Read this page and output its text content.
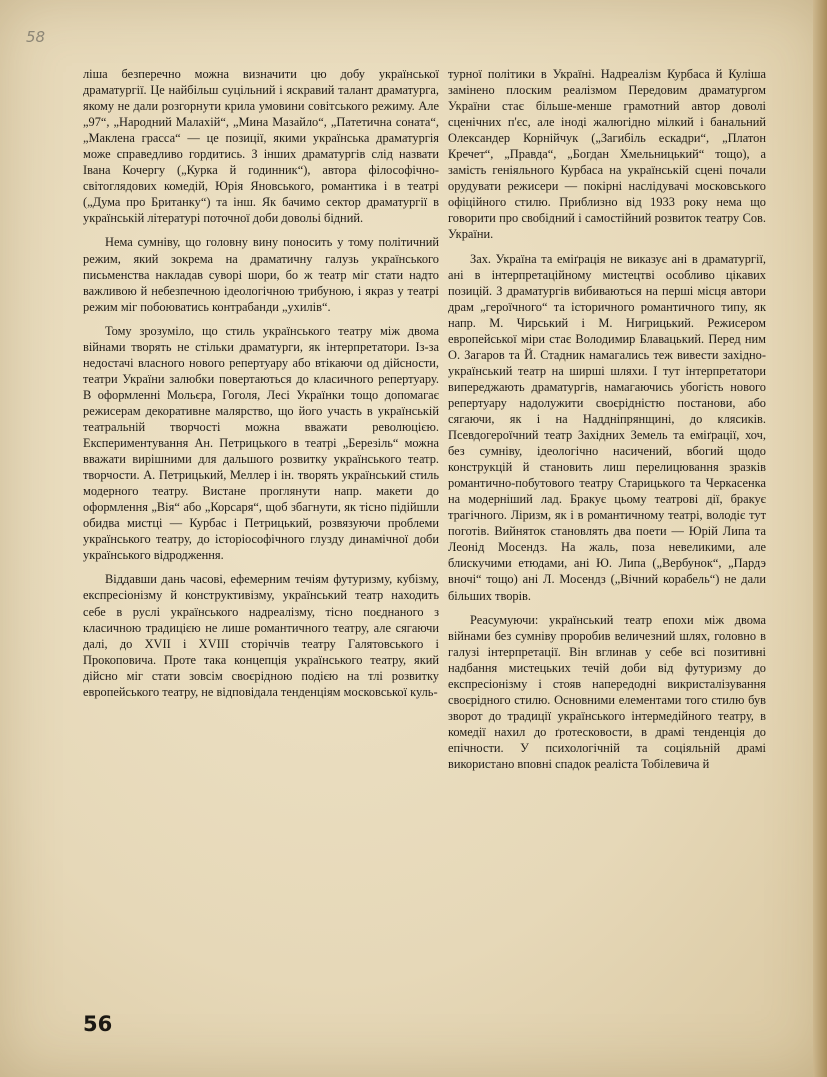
58

ліша безперечно можна визначити цю добу української драматургії. Це найбільш суцільний і яскравий талант драматурга, якому не дали розгорнути крила умовини совітського режиму. Але „97“, „Народний Малахій“, „Мина Мазайло“, „Патетична соната“, „Маклена грасса“ — це позиції, якими українська драматургія може справедливо гордитись. З інших драматургів слід назвати Івана Кочергу („Курка й годинник“), автора філософічно-світоглядових комедій, Юрія Яновського, романтика і в театрі („Дума про Британку“) та інш. Як бачимо сектор драматургії в українській літературі поточної доби довольі бідний.

Нема сумніву, що головну вину поносить у тому політичний режим, який зокрема на драматичну галузь українського письменства накладав суворі шори, бо ж театр міг стати надто важливою й небезпечною ідеологічною трибуною, і якраз у театрі режим міг побоюватись контрабанди „ухилів“.

Тому зрозуміло, що стиль українського театру між двома війнами творять не стільки драматурги, як інтерпретатори. Із-за недостачі власного нового репертуару або втікаючи од дійсности, театри України залюбки повертаються до класичного репертуару. В оформленні Мольєра, Гоголя, Лесі Українки тощо допомагає режисерам декоративне малярство, що його участь в українській театральній творчості можна вважати революцією. Експериментування Ан. Петрицького в театрі „Березіль“ можна вважати вирішними для дальшого розвитку українського театр. творчости. А. Петрицький, Меллер і ін. творять український стиль модерного театру. Вистане проглянути напр. макети до оформлення „Вія“ або „Корсаря“, щоб збагнути, як тісно підійшли обидва мистці — Курбас і Петрицький, розвязуючи проблеми українського театру, до історіософічного глузду динамічної доби українського відродження.

Віддавши дань часові, ефемерним течіям футуризму, кубізму, експресіонізму й конструктивізму, український театр находить себе в руслі українського надреалізму, тісно поєднаного з класичною традицією не лише романтичного театру, але сягаючи далі, до XVII і XVIII сторіччів театру Галятовського і Прокоповича. Проте така концепція українського театру, який дійсно міг стати зовсім своєрідною подією на тлі розвитку европейського театру, не відповідала тенденціям московської куль-

турної політики в Україні. Надреалізм Курбаса й Куліша замінено плоским реалізмом Передовим драматургом України стає більше-менше грамотний автор доволі сценічних п'єс, але іноді жалюгідно мілкий і банальний Олександер Корнійчук („Загибіль ескадри“, „Платон Кречет“, „Правда“, „Богдан Хмельницький“ тощо), а замість геніяльного Курбаса на українській сцені почали орудувати режисери — покірні наслідувачі московського офіційного стилю. Приблизно від 1933 року нема що говорити про свобідний і самостійний розвиток театру Сов. України.

Зах. Україна та еміґрація не виказує ані в драматургії, ані в інтерпретаційному мистецтві особливо цікавих позицій. З драматургів вибиваються на перші місця автори драм „героїчного“ та історичного романтичного типу, як напр. М. Чирський і М. Нигрицький. Режисером европейської міри стає Володимир Блавацький. Перед ним О. Загаров та Й. Стадник намагались теж вивести західно-український театр на ширші шляхи. І тут інтерпретатори випереджають драматургів, намагаючись убогість нового репертуару надолужити своєрідністю постанови, або сягаючи, як і на Наддніпрянщині, до клясиків. Псевдогероїчний театр Західних Земель та еміґрації, хоч, без сумніву, ідеологічно насичений, вбогий щодо конструкцій й становить лиш перелицювання зразків романтично-побутового театру Старицького та Черкасенка на модерніший лад. Бракує цьому театрові дії, бракує трагічного. Ліризм, як і в романтичному театрі, володіє тут поготів. Вийняток становлять два поети — Юрій Липа та Леонід Мосендз. На жаль, поза невеликими, але блискучими етюдами, ані Ю. Липа („Вербунок“, „Пардэ вночі“ тощо) ані Л. Мосендз („Вічний корабель“) не дали більших творів.

Реасумуючи: український театр епохи між двома війнами без сумніву проробив величезний шлях, головно в галузі інтерпретації. Він вглинав у себе всі позитивні надбання мистецьких течій доби від футуризму до експресіонізму і стояв напередодні викристалізування своєрідного стилю. Основними елементами того стилю був зворот до традиції українського інтермедійного театру, в комедії нахил до ґротесковости, в драмі тенденція до епічности. У психологічній та соціяльній драмі використано вповні спадок реаліста Тобілевича й

56
